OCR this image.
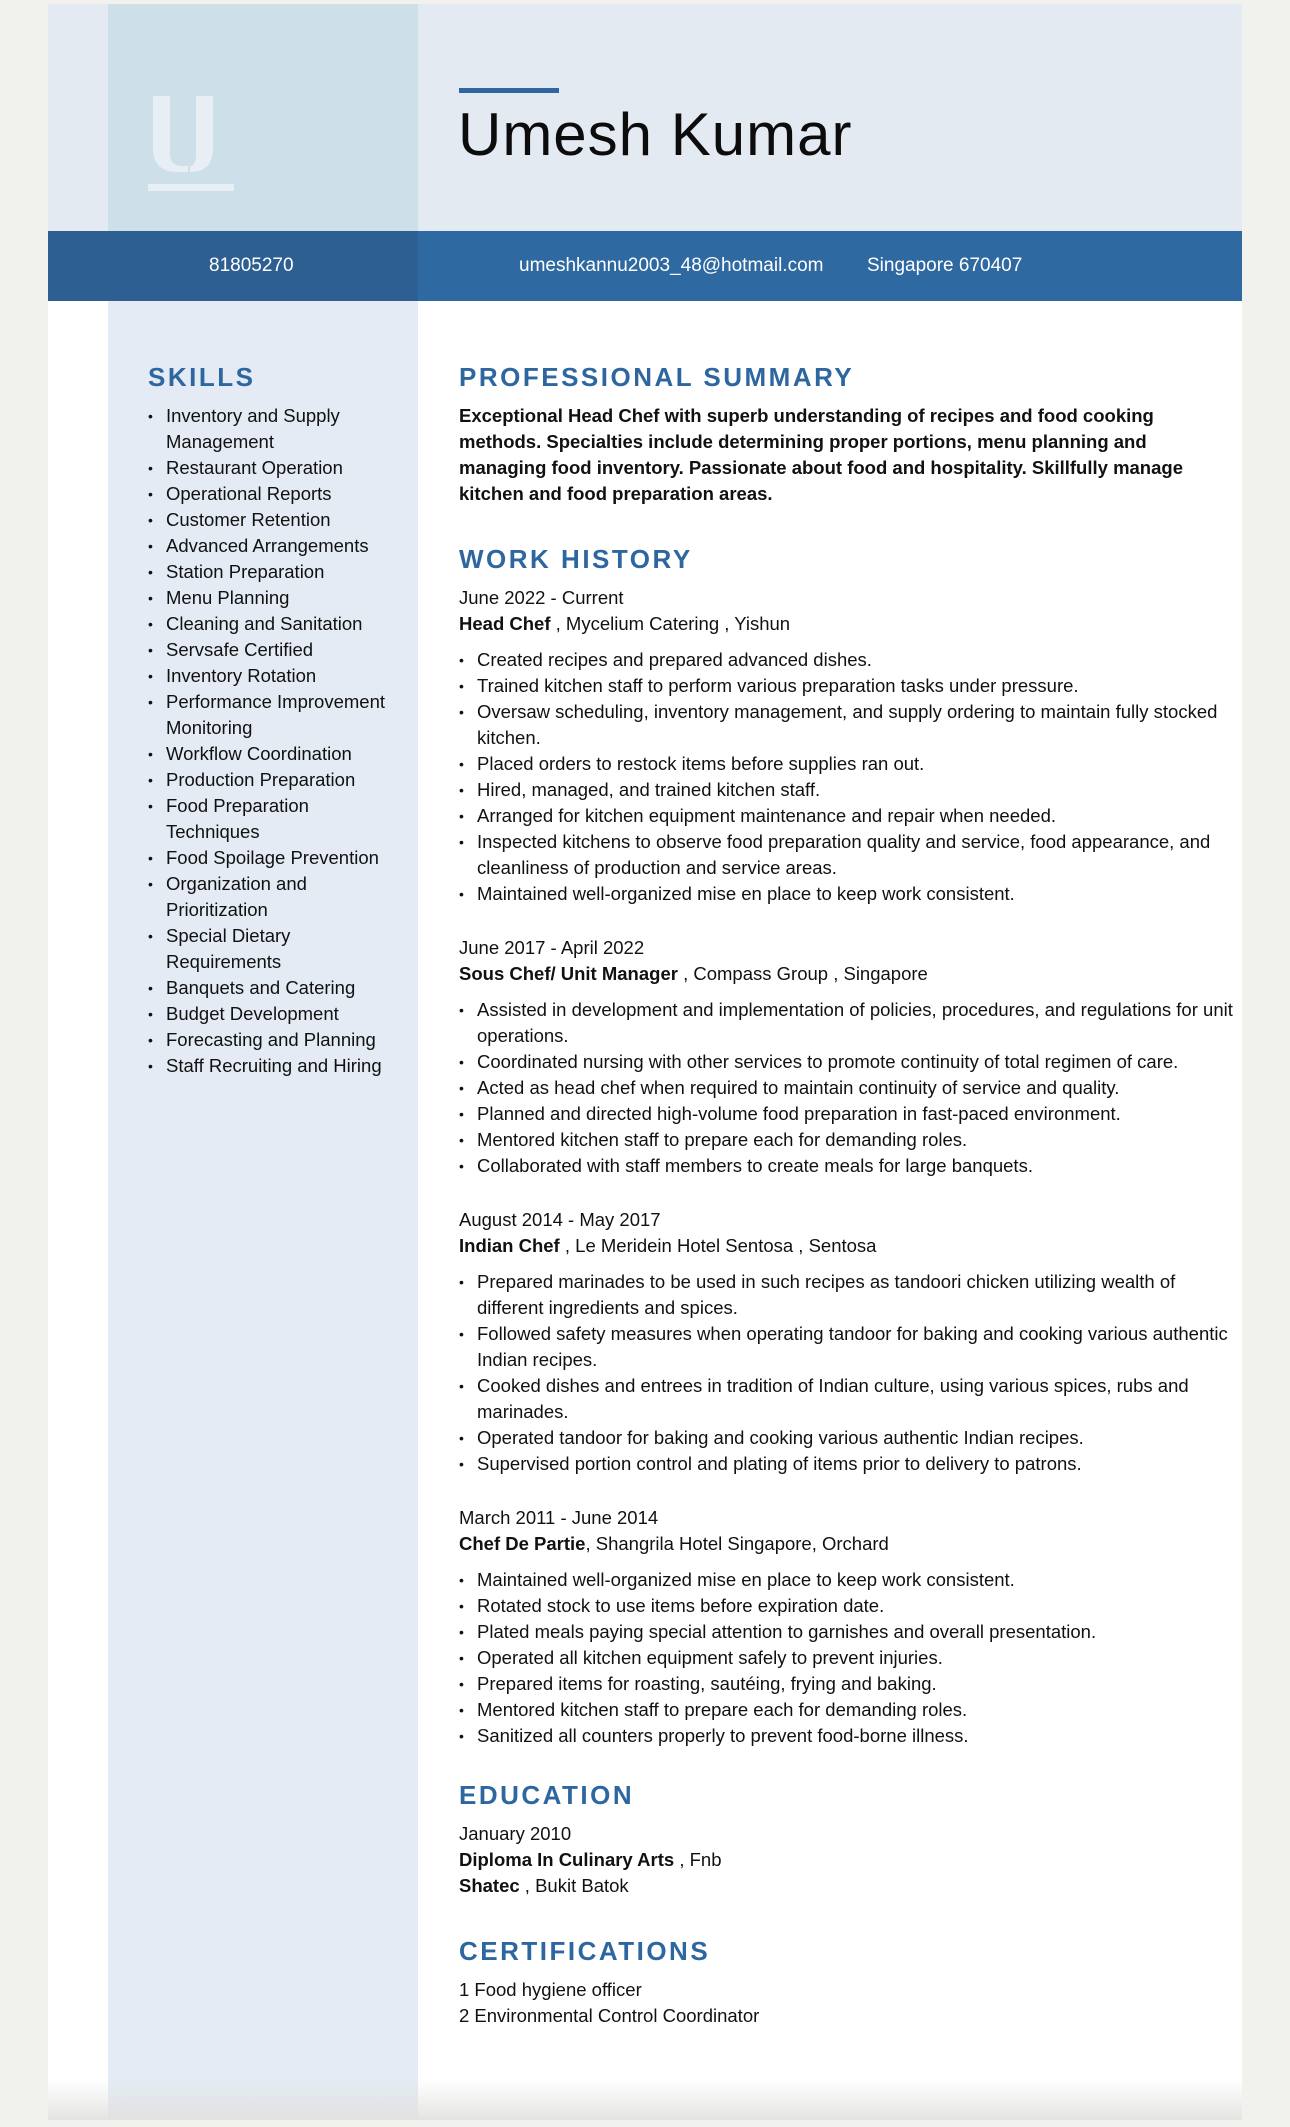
U	Umesh Kumar
81805270	umeshkannu2003_48@hotmail.com Singapore 670407
SKILLS
• Inventory and Supply Management
• Restaurant Operation
• Operational Reports
• Customer Retention
• Advanced Arrangements
• Station Preparation
• Menu Planning
• Cleaning and Sanitation
• Servsafe Certified
• Inventory Rotation
• Performance Improvement Monitoring
• Workflow Coordination
• Production Preparation
• Food Preparation Techniques
• Food Spoilage Prevention
• Organization and Prioritization
• Special Dietary Requirements
• Banquets and Catering
• Budget Development
• Forecasting and Planning
• Staff Recruiting and Hiring
PROFESSIONAL SUMMARY

Exceptional Head Chef with superb understanding of recipes and food cooking methods. Specialties include determining proper portions, menu planning and managing food inventory. Passionate about food and hospitality. Skillfully manage kitchen and food preparation areas.

WORK HISTORY
June 2022 - Current
Head Chef , Mycelium Catering , Yishun
• Created recipes and prepared advanced dishes.
• Trained kitchen staff to perform various preparation tasks under pressure.
• Oversaw scheduling, inventory management, and supply ordering to maintain fully stocked kitchen.
• Placed orders to restock items before supplies ran out.
• Hired, managed, and trained kitchen staff.
• Arranged for kitchen equipment maintenance and repair when needed.
• Inspected kitchens to observe food preparation quality and service, food appearance, and cleanliness of production and service areas.
• Maintained well-organized mise en place to keep work consistent.
June 2017 - April 2022
Sous Chef/ Unit Manager , Compass Group , Singapore
• Assisted in development and implementation of policies, procedures, and regulations for unit operations.
• Coordinated nursing with other services to promote continuity of total regimen of care.
• Acted as head chef when required to maintain continuity of service and quality.
• Planned and directed high-volume food preparation in fast-paced environment.
• Mentored kitchen staff to prepare each for demanding roles.
• Collaborated with staff members to create meals for large banquets.
August 2014 - May 2017
Indian Chef , Le Meridein Hotel Sentosa , Sentosa
• Prepared marinades to be used in such recipes as tandoori chicken utilizing wealth of different ingredients and spices.
• Followed safety measures when operating tandoor for baking and cooking various authentic Indian recipes.
• Cooked dishes and entrees in tradition of Indian culture, using various spices, rubs and marinades.
• Operated tandoor for baking and cooking various authentic Indian recipes.
• Supervised portion control and plating of items prior to delivery to patrons.
March 2011 - June 2014
Chef De Partie, Shangrila Hotel Singapore, Orchard
• Maintained well-organized mise en place to keep work consistent.
• Rotated stock to use items before expiration date.
• Plated meals paying special attention to garnishes and overall presentation.
• Operated all kitchen equipment safely to prevent injuries.
• Prepared items for roasting, sautéing, frying and baking.
• Mentored kitchen staff to prepare each for demanding roles.
• Sanitized all counters properly to prevent food-borne illness.
EDUCATION
January 2010
Diploma In Culinary Arts , Fnb
Shatec , Bukit Batok
CERTIFICATIONS
1 Food hygiene officer
2 Environmental Control Coordinator
